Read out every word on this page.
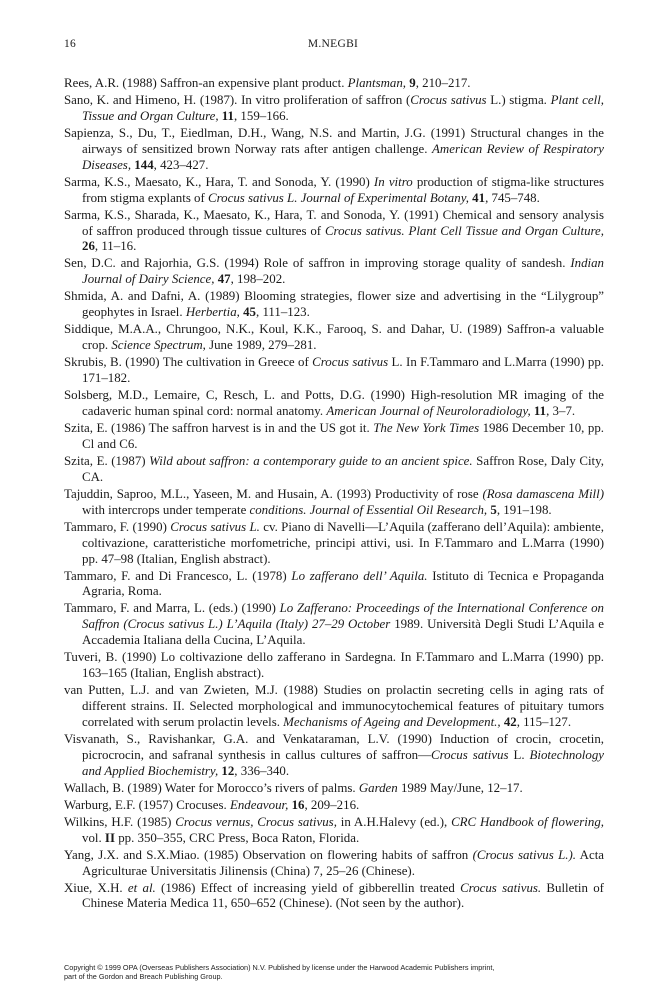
16	M.NEGBI

Rees, A.R. (1988) Saffron-an expensive plant product. Plantsman, 9, 210–217.

Sano, K. and Himeno, H. (1987). In vitro proliferation of saffron (Crocus sativus L.) stigma. Plant cell, Tissue and Organ Culture, 11, 159–166.

Sapienza, S., Du, T., Eiedlman, D.H., Wang, N.S. and Martin, J.G. (1991) Structural changes in the airways of sensitized brown Norway rats after antigen challenge. American Review of Respiratory Diseases, 144, 423–427.

Sarma, K.S., Maesato, K., Hara, T. and Sonoda, Y. (1990) In vitro production of stigma-like structures from stigma explants of Crocus sativus L. Journal of Experimental Botany, 41, 745–748.

Sarma, K.S., Sharada, K., Maesato, K., Hara, T. and Sonoda, Y. (1991) Chemical and sensory analysis of saffron produced through tissue cultures of Crocus sativus. Plant Cell Tissue and Organ Culture, 26, 11–16.

Sen, D.C. and Rajorhia, G.S. (1994) Role of saffron in improving storage quality of sandesh. Indian Journal of Dairy Science, 47, 198–202.

Shmida, A. and Dafni, A. (1989) Blooming strategies, flower size and advertising in the “Lilygroup” geophytes in Israel. Herbertia, 45, 111–123.

Siddique, M.A.A., Chrungoo, N.K., Koul, K.K., Farooq, S. and Dahar, U. (1989) Saffron-a valuable crop. Science Spectrum, June 1989, 279–281.

Skrubis, B. (1990) The cultivation in Greece of Crocus sativus L. In F.Tammaro and L.Marra (1990) pp. 171–182.

Solsberg, M.D., Lemaire, C, Resch, L. and Potts, D.G. (1990) High-resolution MR imaging of the cadaveric human spinal cord: normal anatomy. American Journal of Neuroloradiology, 11, 3–7.

Szita, E. (1986) The saffron harvest is in and the US got it. The New York Times 1986 December 10, pp. Cl and C6.

Szita, E. (1987) Wild about saffron: a contemporary guide to an ancient spice. Saffron Rose, Daly City, CA.

Tajuddin, Saproo, M.L., Yaseen, M. and Husain, A. (1993) Productivity of rose (Rosa damascena Mill) with intercrops under temperate conditions. Journal of Essential Oil Research, 5, 191–198.

Tammaro, F. (1990) Crocus sativus L. cv. Piano di Navelli—L’Aquila (zafferano dell’Aquila): ambiente, coltivazione, caratteristiche morfometriche, principi attivi, usi. In F.Tammaro and L.Marra (1990) pp. 47–98 (Italian, English abstract).

Tammaro, F. and Di Francesco, L. (1978) Lo zafferano dell’ Aquila. Istituto di Tecnica e Propaganda Agraria, Roma.

Tammaro, F. and Marra, L. (eds.) (1990) Lo Zafferano: Proceedings of the International Conference on Saffron (Crocus sativus L.) L’Aquila (Italy) 27–29 October 1989. Università Degli Studi L’Aquila e Accademia Italiana della Cucina, L’Aquila.

Tuveri, B. (1990) Lo coltivazione dello zafferano in Sardegna. In F.Tammaro and L.Marra (1990) pp. 163–165 (Italian, English abstract).

van Putten, L.J. and van Zwieten, M.J. (1988) Studies on prolactin secreting cells in aging rats of different strains. II. Selected morphological and immunocytochemical features of pituitary tumors correlated with serum prolactin levels. Mechanisms of Ageing and Development., 42, 115–127.

Visvanath, S., Ravishankar, G.A. and Venkataraman, L.V. (1990) Induction of crocin, crocetin, picrocrocin, and safranal synthesis in callus cultures of saffron—Crocus sativus L. Biotechnology and Applied Biochemistry, 12, 336–340.

Wallach, B. (1989) Water for Morocco’s rivers of palms. Garden 1989 May/June, 12–17.

Warburg, E.F. (1957) Crocuses. Endeavour, 16, 209–216.

Wilkins, H.F. (1985) Crocus vernus, Crocus sativus, in A.H.Halevy (ed.), CRC Handbook of flowering, vol. II pp. 350–355, CRC Press, Boca Raton, Florida.

Yang, J.X. and S.X.Miao. (1985) Observation on flowering habits of saffron (Crocus sativus L.). Acta Agriculturae Universitatis Jilinensis (China) 7, 25–26 (Chinese).

Xiue, X.H. et al. (1986) Effect of increasing yield of gibberellin treated Crocus sativus. Bulletin of Chinese Materia Medica 11, 650–652 (Chinese). (Not seen by the author).

Copyright © 1999 OPA (Overseas Publishers Association) N.V. Published by license under the Harwood Academic Publishers imprint,
part of the Gordon and Breach Publishing Group.
